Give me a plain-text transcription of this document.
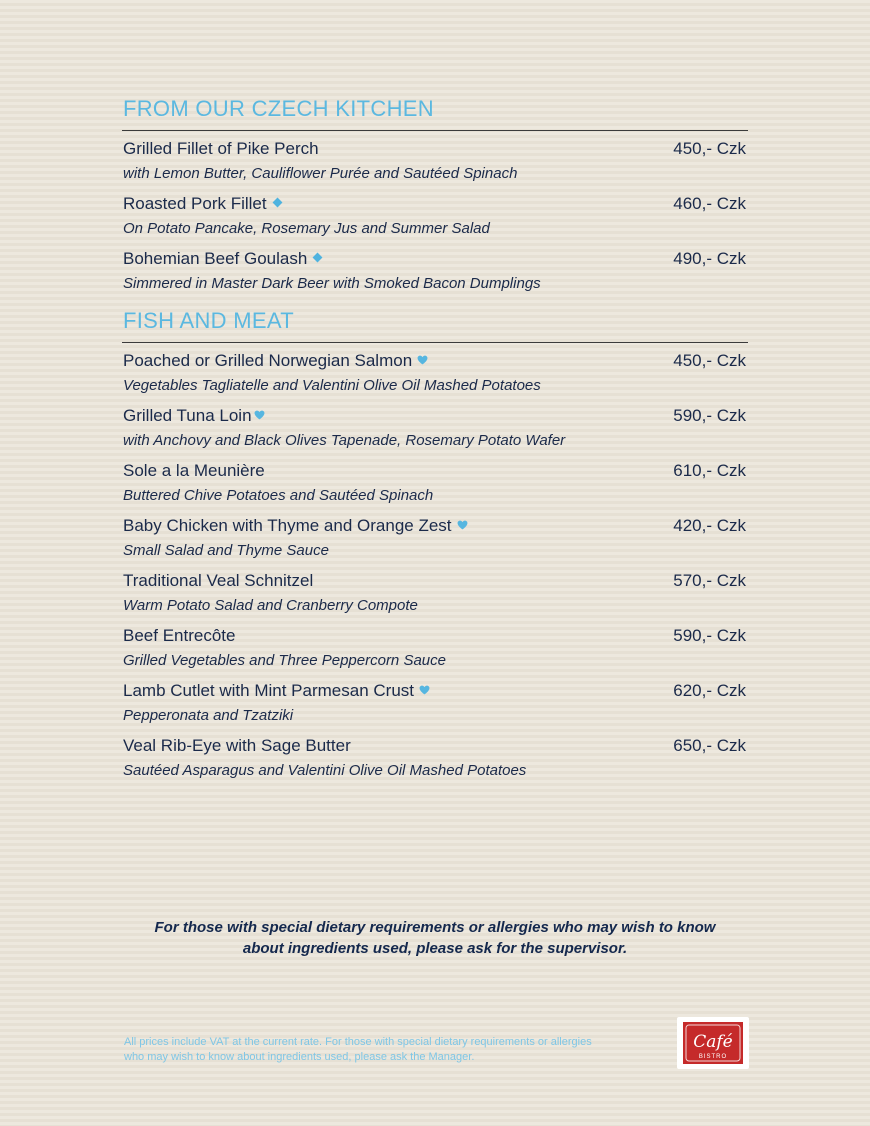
FROM OUR CZECH KITCHEN
Grilled Fillet of Pike Perch
with Lemon Butter, Cauliflower Purée and Sautéed Spinach
450,- Czk
Roasted Pork Fillet
On Potato Pancake, Rosemary Jus and Summer Salad
460,- Czk
Bohemian Beef Goulash
Simmered in Master Dark Beer with Smoked Bacon Dumplings
490,- Czk
FISH AND MEAT
Poached or Grilled Norwegian Salmon
Vegetables Tagliatelle and Valentini Olive Oil Mashed Potatoes
450,- Czk
Grilled Tuna Loin
with Anchovy and Black Olives Tapenade, Rosemary Potato Wafer
590,- Czk
Sole a la Meunière
Buttered Chive Potatoes and Sautéed Spinach
610,- Czk
Baby Chicken with Thyme and Orange Zest
Small Salad and Thyme Sauce
420,- Czk
Traditional Veal Schnitzel
Warm Potato Salad and Cranberry Compote
570,- Czk
Beef Entrecôte
Grilled Vegetables and Three Peppercorn Sauce
590,- Czk
Lamb Cutlet with Mint Parmesan Crust
Pepperonata and Tzatziki
620,- Czk
Veal Rib-Eye with Sage Butter
Sautéed Asparagus and Valentini Olive Oil Mashed Potatoes
650,- Czk
For those with special dietary requirements or allergies who may wish to know
about ingredients used, please ask for the supervisor.
All prices include VAT at the current rate. For those with special dietary requirements or allergies
who may wish to know about ingredients used, please ask the Manager.
Café
BISTRO
